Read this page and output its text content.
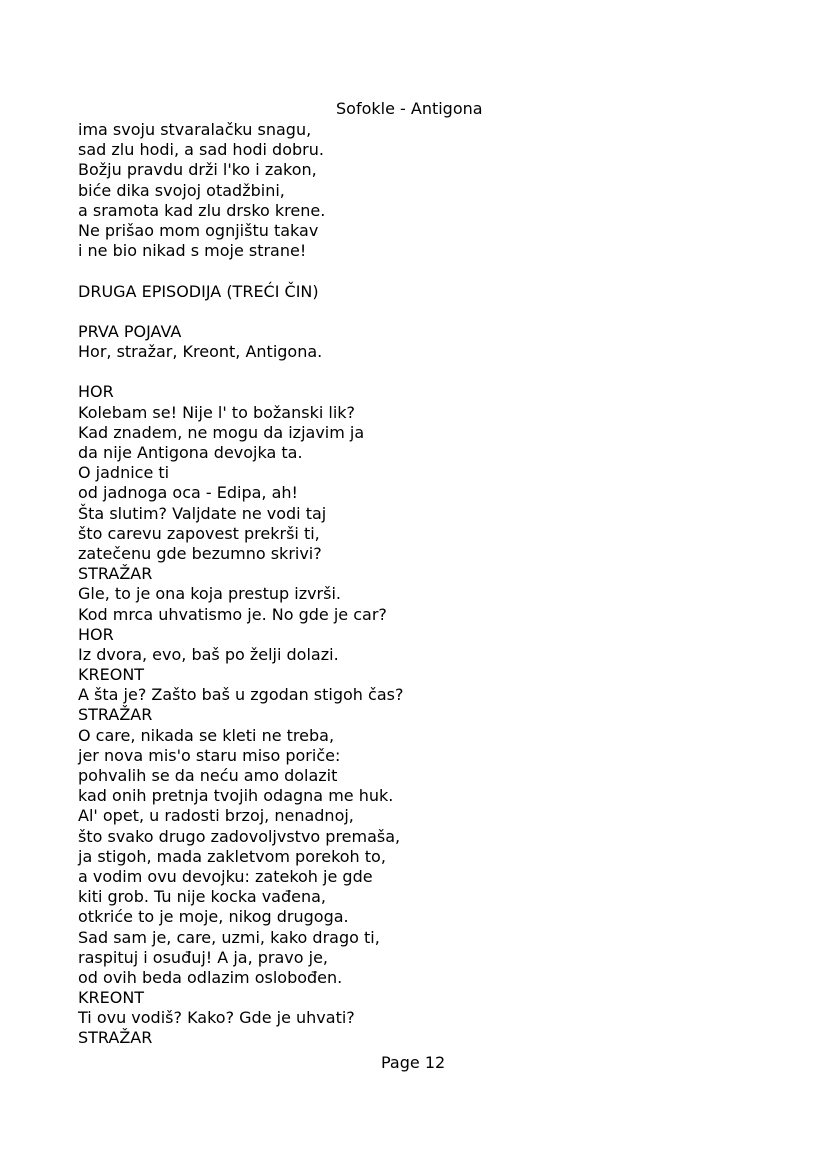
Sofokle - Antigona
ima svoju stvaralačku snagu,
sad zlu hodi, a sad hodi dobru.
Božju pravdu drži l'ko i zakon,
biće dika svojoj otadžbini,
a sramota kad zlu drsko krene.
Ne prišao mom ognjištu takav
i ne bio nikad s moje strane!
DRUGA EPISODIJA (TREĆI ČIN)
PRVA POJAVA
Hor, stražar, Kreont, Antigona.
HOR
Kolebam se! Nije l' to božanski lik?
Kad znadem, ne mogu da izjavim ja
da nije Antigona devojka ta.
O jadnice ti
od jadnoga oca - Edipa, ah!
Šta slutim? Valjdate ne vodi taj
što carevu zapovest prekrši ti,
zatečenu gde bezumno skrivi?
STRAŽAR
Gle, to je ona koja prestup izvrši.
Kod mrca uhvatismo je. No gde je car?
HOR
Iz dvora, evo, baš po želji dolazi.
KREONT
A šta je? Zašto baš u zgodan stigoh čas?
STRAŽAR
O care, nikada se kleti ne treba,
jer nova mis'o staru miso poriče:
pohvalih se da neću amo dolazit
kad onih pretnja tvojih odagna me huk.
Al' opet, u radosti brzoj, nenadnoj,
što svako drugo zadovoljvstvo premaša,
ja stigoh, mada zakletvom porekoh to,
a vodim ovu devojku: zatekoh je gde
kiti grob. Tu nije kocka vađena,
otkriće to je moje, nikog drugoga.
Sad sam je, care, uzmi, kako drago ti,
raspituj i osuđuj! A ja, pravo je,
od ovih beda odlazim oslobođen.
KREONT
Ti ovu vodiš? Kako? Gde je uhvati?
STRAŽAR
Page 12
